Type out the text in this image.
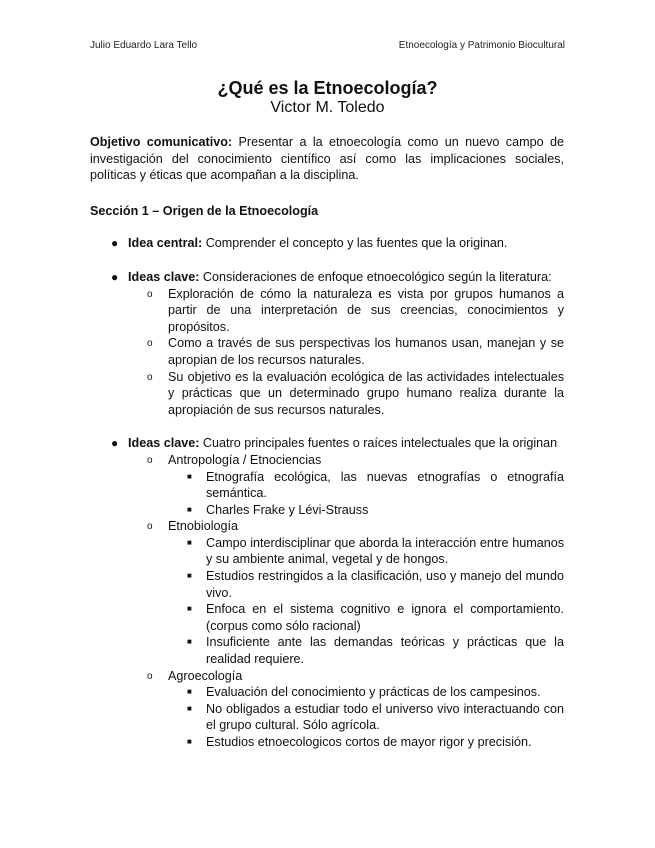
Julio Eduardo Lara Tello	Etnoecología y Patrimonio Biocultural
¿Qué es la Etnoecología?
Victor M. Toledo

Objetivo comunicativo: Presentar a la etnoecología como un nuevo campo de investigación del conocimiento científico así como las implicaciones sociales, políticas y éticas que acompañan a la disciplina.

Sección 1 – Origen de la Etnoecología

● Idea central: Comprender el concepto y las fuentes que la originan.
● Ideas clave: Consideraciones de enfoque etnoecológico según la literatura:
o Exploración de cómo la naturaleza es vista por grupos humanos a partir de una interpretación de sus creencias, conocimientos y propósitos.
o Como a través de sus perspectivas los humanos usan, manejan y se apropian de los recursos naturales.
o Su objetivo es la evaluación ecológica de las actividades intelectuales y prácticas que un determinado grupo humano realiza durante la apropiación de sus recursos naturales.
● Ideas clave: Cuatro principales fuentes o raíces intelectuales que la originan
o Antropología / Etnociencias
■ Etnografía ecológica, las nuevas etnografías o etnografía semántica.
■ Charles Frake y Lévi-Strauss
o Etnobiología
■ Campo interdisciplinar que aborda la interacción entre humanos y su ambiente animal, vegetal y de hongos.
■ Estudios restringidos a la clasificación, uso y manejo del mundo vivo.
■ Enfoca en el sistema cognitivo e ignora el comportamiento. (corpus como sólo racional)
■ Insuficiente ante las demandas teóricas y prácticas que la realidad requiere.
o Agroecología
■ Evaluación del conocimiento y prácticas de los campesinos.
■ No obligados a estudiar todo el universo vivo interactuando con el grupo cultural. Sólo agrícola.
■ Estudios etnoecologicos cortos de mayor rigor y precisión.
